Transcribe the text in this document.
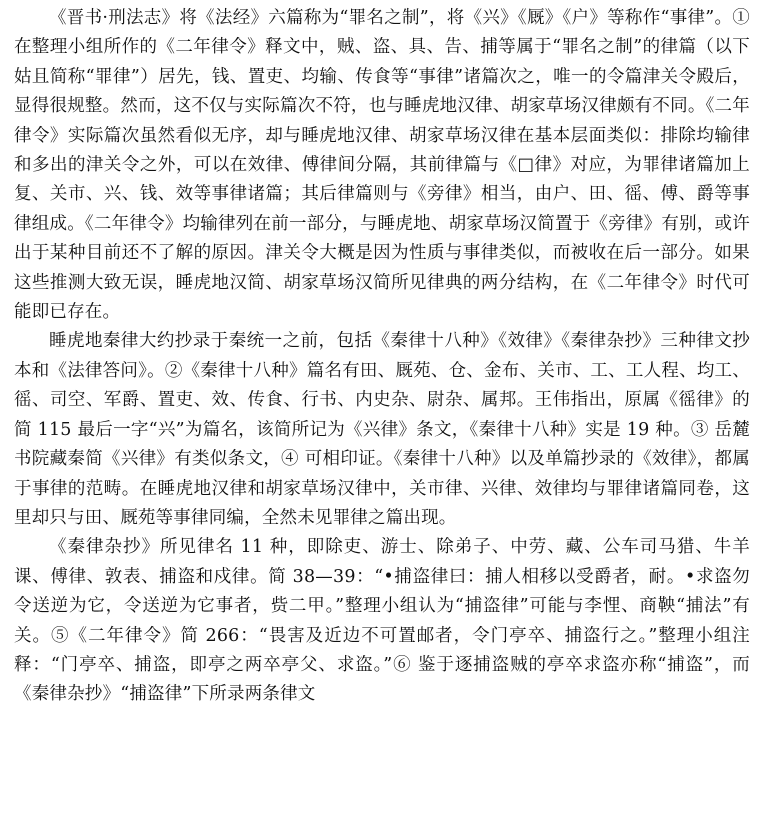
《晋书·刑法志》将《法经》六篇称为“罪名之制”，将《兴》《厩》《户》等称作“事律”。① 在整理小组所作的《二年律令》释文中，贼、盗、具、告、捕等属于“罪名之制”的律篇（以下姑且简称“罪律”）居先，钱、置吏、均输、传食等“事律”诸篇次之，唯一的令篇津关令殿后，显得很规整。然而，这不仅与实际篇次不符，也与睡虎地汉律、胡家草场汉律颇有不同。《二年律令》实际篇次虽然看似无序，却与睡虎地汉律、胡家草场汉律在基本层面类似：排除均输律和多出的津关令之外，可以在效律、傅律间分隔，其前律篇与《□律》对应，为罪律诸篇加上复、关市、兴、钱、效等事律诸篇；其后律篇则与《旁律》相当，由户、田、徭、傅、爵等事律组成。《二年律令》均输律列在前一部分，与睡虎地、胡家草场汉简置于《旁律》有别，或许出于某种目前还不了解的原因。津关令大概是因为性质与事律类似，而被收在后一部分。如果这些推测大致无误，睡虎地汉简、胡家草场汉简所见律典的两分结构，在《二年律令》时代可能即已存在。

睡虎地秦律大约抄录于秦统一之前，包括《秦律十八种》《效律》《秦律杂抄》三种律文抄本和《法律答问》。②《秦律十八种》篇名有田、厩苑、仓、金布、关市、工、工人程、均工、徭、司空、军爵、置吏、效、传食、行书、内史杂、尉杂、属邦。王伟指出，原属《徭律》的简 115 最后一字“兴”为篇名，该简所记为《兴律》条文，《秦律十八种》实是 19 种。③ 岳麓书院藏秦简《兴律》有类似条文，④ 可相印证。《秦律十八种》以及单篇抄录的《效律》，都属于事律的范畴。在睡虎地汉律和胡家草场汉律中，关市律、兴律、效律均与罪律诸篇同卷，这里却只与田、厩苑等事律同编，全然未见罪律之篇出现。

《秦律杂抄》所见律名 11 种，即除吏、游士、除弟子、中劳、藏、公车司马猎、牛羊课、傅律、敦表、捕盗和戍律。简 38—39：“•捕盗律曰：捕人相移以受爵者，耐。•求盗勿令送逆为它，令送逆为它事者，赀二甲。”整理小组认为“捕盗律”可能与李悝、商鞅“捕法”有关。⑤《二年律令》简 266：“畏害及近边不可置邮者，令门亭卒、捕盗行之。”整理小组注释：“门亭卒、捕盗，即亭之两卒亭父、求盗。”⑥ 鉴于逐捕盗贼的亭卒求盗亦称“捕盗”，而《秦律杂抄》“捕盗律”下所录两条律文
